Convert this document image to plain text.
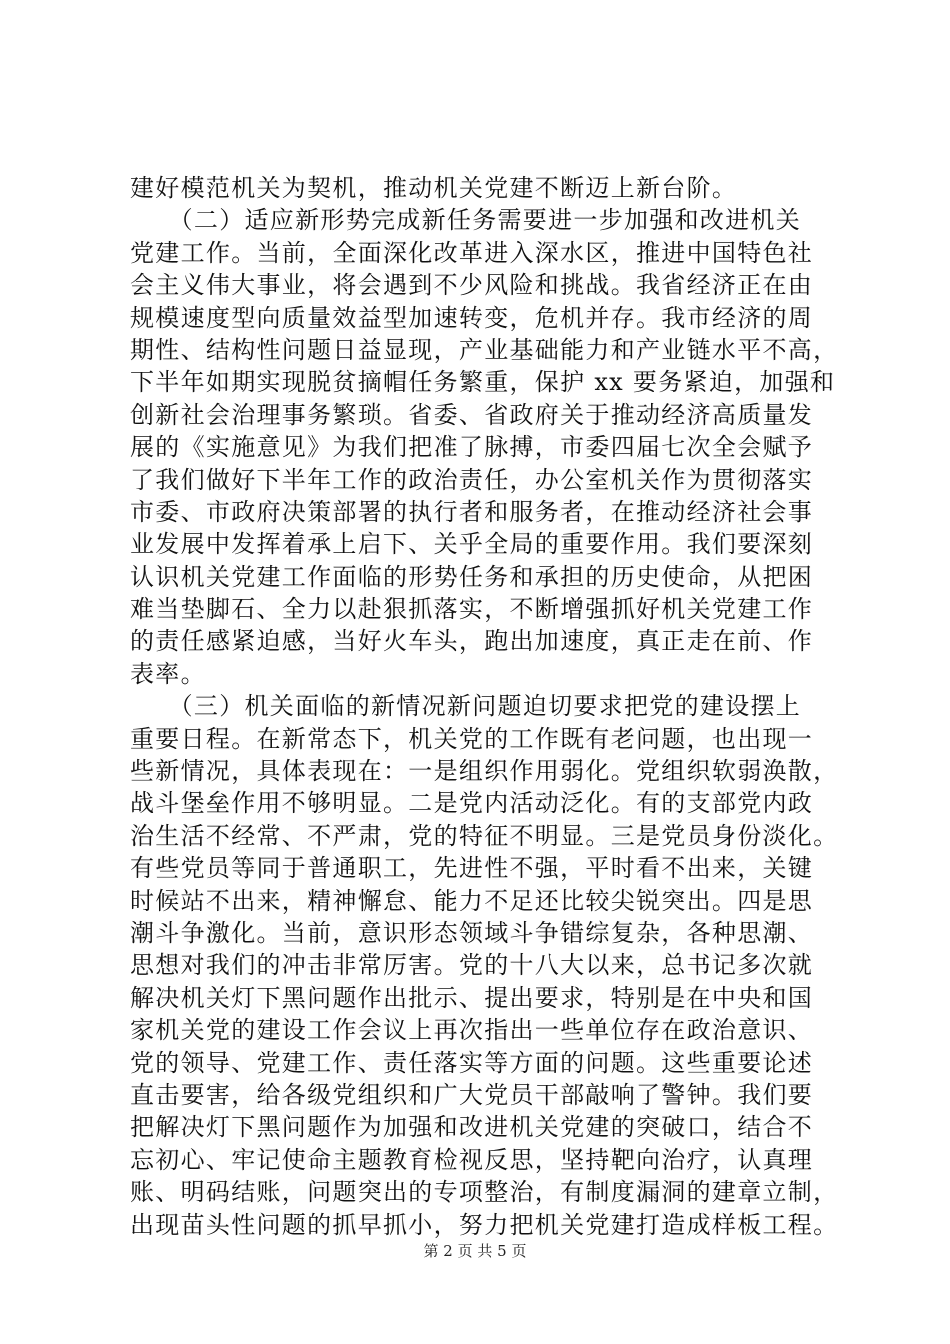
建好模范机关为契机，推动机关党建不断迈上新台阶。
　　（二）适应新形势完成新任务需要进一步加强和改进机关
党建工作。当前，全面深化改革进入深水区，推进中国特色社
会主义伟大事业，将会遇到不少风险和挑战。我省经济正在由
规模速度型向质量效益型加速转变，危机并存。我市经济的周
期性、结构性问题日益显现，产业基础能力和产业链水平不高，
下半年如期实现脱贫摘帽任务繁重，保护 xx 要务紧迫，加强和
创新社会治理事务繁琐。省委、省政府关于推动经济高质量发
展的《实施意见》为我们把准了脉搏，市委四届七次全会赋予
了我们做好下半年工作的政治责任，办公室机关作为贯彻落实
市委、市政府决策部署的执行者和服务者，在推动经济社会事
业发展中发挥着承上启下、关乎全局的重要作用。我们要深刻
认识机关党建工作面临的形势任务和承担的历史使命，从把困
难当垫脚石、全力以赴狠抓落实，不断增强抓好机关党建工作
的责任感紧迫感，当好火车头，跑出加速度，真正走在前、作
表率。
　　（三）机关面临的新情况新问题迫切要求把党的建设摆上
重要日程。在新常态下，机关党的工作既有老问题，也出现一
些新情况，具体表现在：一是组织作用弱化。党组织软弱涣散，
战斗堡垒作用不够明显。二是党内活动泛化。有的支部党内政
治生活不经常、不严肃，党的特征不明显。三是党员身份淡化。
有些党员等同于普通职工，先进性不强，平时看不出来，关键
时候站不出来，精神懈怠、能力不足还比较尖锐突出。四是思
潮斗争激化。当前，意识形态领域斗争错综复杂，各种思潮、
思想对我们的冲击非常厉害。党的十八大以来，总书记多次就
解决机关灯下黑问题作出批示、提出要求，特别是在中央和国
家机关党的建设工作会议上再次指出一些单位存在政治意识、
党的领导、党建工作、责任落实等方面的问题。这些重要论述
直击要害，给各级党组织和广大党员干部敲响了警钟。我们要
把解决灯下黑问题作为加强和改进机关党建的突破口，结合不
忘初心、牢记使命主题教育检视反思，坚持靶向治疗，认真理
账、明码结账，问题突出的专项整治，有制度漏洞的建章立制，
出现苗头性问题的抓早抓小，努力把机关党建打造成样板工程。
第 2 页 共 5 页
